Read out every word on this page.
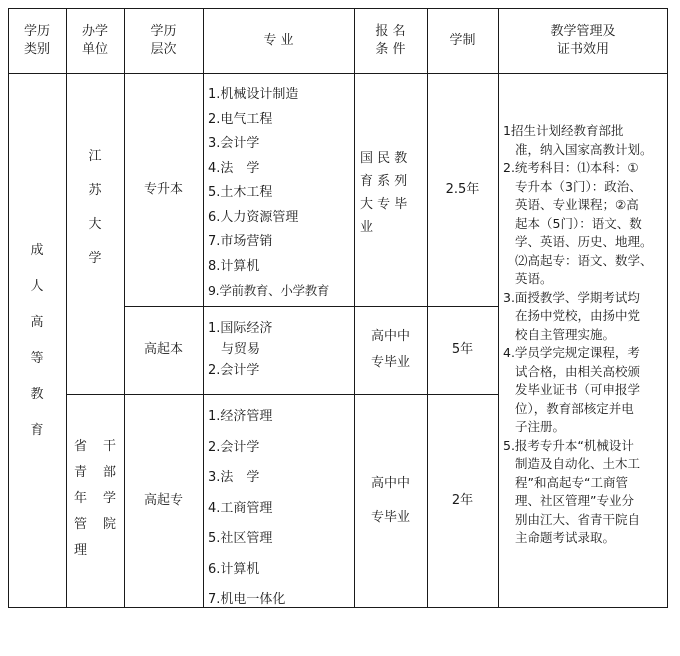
学历
类别
办学
单位
学历
层次
专 业
报 名
条 件
学制
教学管理及
证书效用
成
人
高
等
教
育
江
苏
大
学
省 干
青 部
年 学
管 院
理
专升本
1.机械设计制造
2.电气工程
3.会计学
4.法　学
5.土木工程
6.人力资源管理
7.市场营销
8.计算机
9.学前教育、小学教育
国 民 教
育 系 列
大 专 毕
业
2.5年
高起本
1.国际经济
　与贸易
2.会计学
高中中
专毕业
5年
高起专
1.经济管理
2.会计学
3.法　学
4.工商管理
5.社区管理
6.计算机
7.机电一体化
高中中
专毕业
2年
1招生计划经教育部批
准，纳入国家高教计划。
2.统考科目：⑴本科：①
专升本（3门）：政治、
英语、专业课程；②高
起本（5门）：语文、数
学、英语、历史、地理。
⑵高起专：语文、数学、
英语。
3.面授教学、学期考试均
在扬中党校，由扬中党
校自主管理实施。
4.学员学完规定课程，考
试合格，由相关高校颁
发毕业证书（可申报学
位），教育部核定并电
子注册。
5.报考专升本“机械设计
制造及自动化、土木工
程”和高起专“工商管
理、社区管理”专业分
别由江大、省青干院自
主命题考试录取。
